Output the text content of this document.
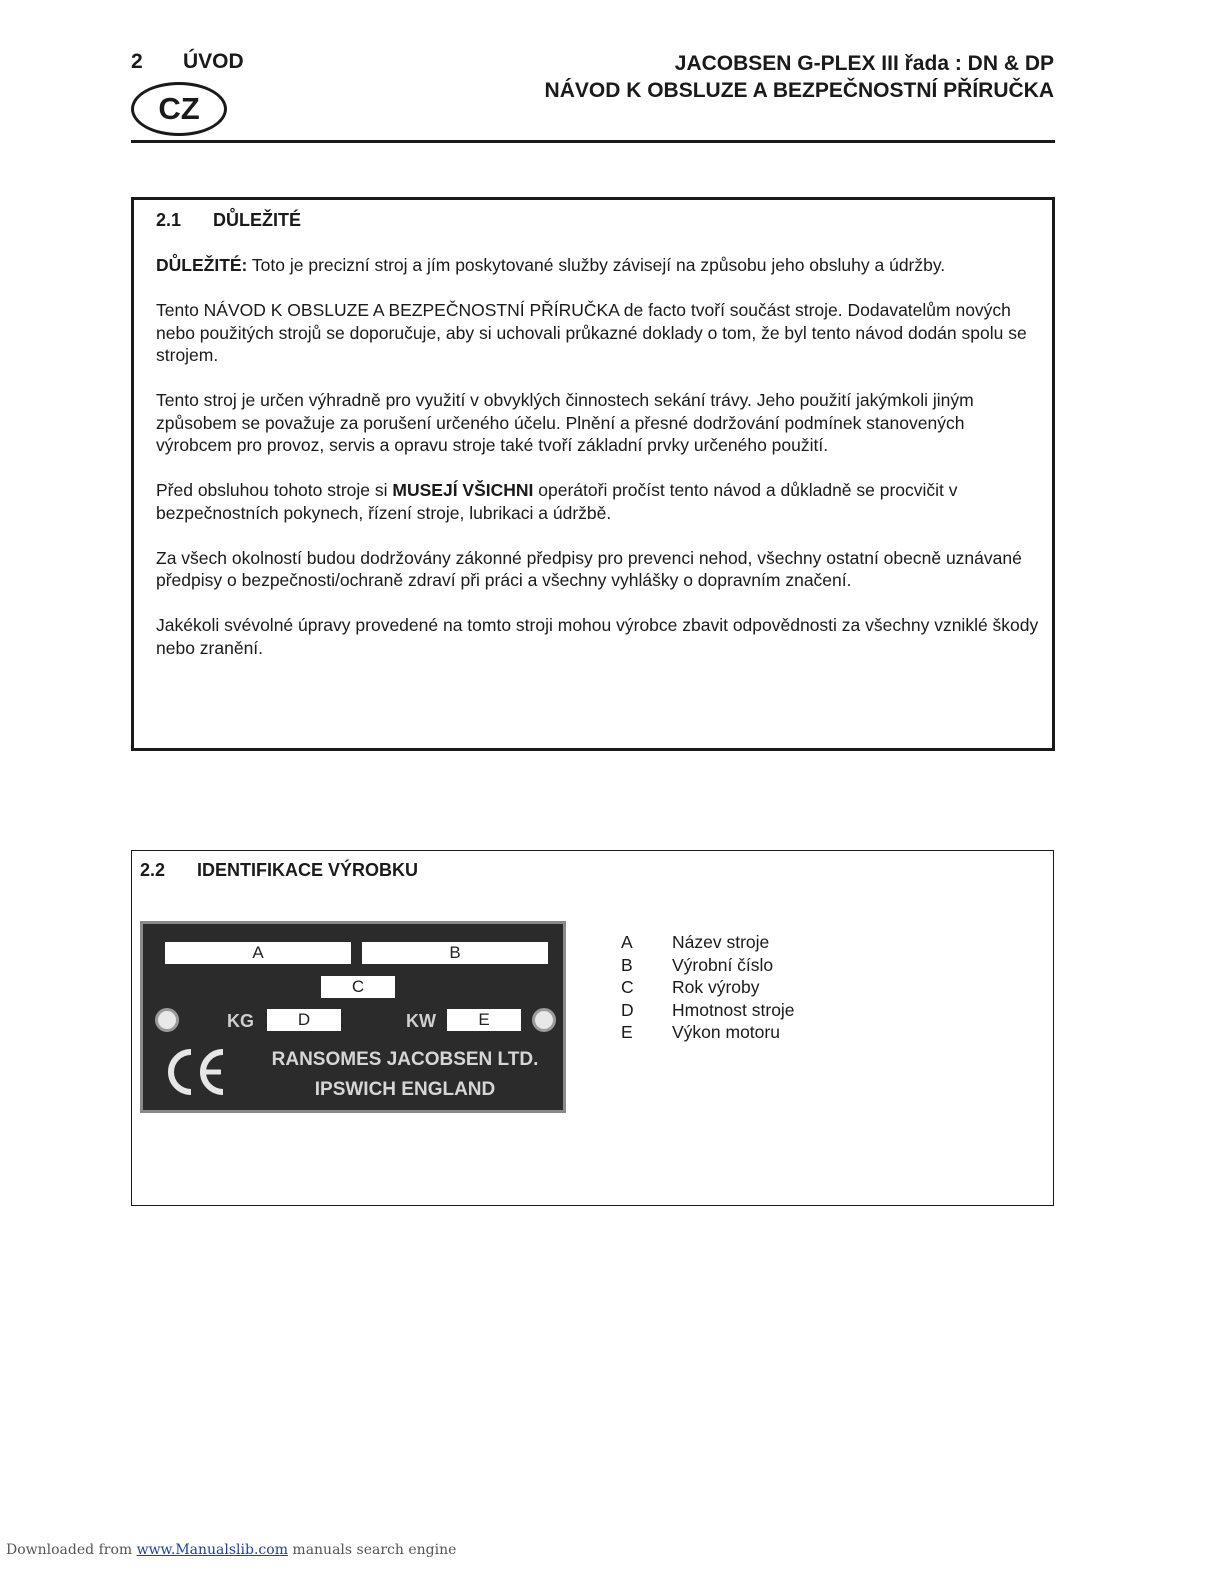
2 ÚVOD
CZ
JACOBSEN G-PLEX III řada : DN & DP
NÁVOD K OBSLUZE A BEZPEČNOSTNÍ PŘÍRUČKA
2.1 DŮLEŽITÉ

DŮLEŽITÉ: Toto je precizní stroj a jím poskytované služby závisejí na způsobu jeho obsluhy a údržby.

Tento NÁVOD K OBSLUZE A BEZPEČNOSTNÍ PŘÍRUČKA de facto tvoří součást stroje. Dodavatelům nových nebo použitých strojů se doporučuje, aby si uchovali průkazné doklady o tom, že byl tento návod dodán spolu se strojem.

Tento stroj je určen výhradně pro využití v obvyklých činnostech sekání trávy. Jeho použití jakýmkoli jiným způsobem se považuje za porušení určeného účelu. Plnění a přesné dodržování podmínek stanovených výrobcem pro provoz, servis a opravu stroje také tvoří základní prvky určeného použití.

Před obsluhou tohoto stroje si MUSEJÍ VŠICHNI operátoři pročíst tento návod a důkladně se procvičit v bezpečnostních pokynech, řízení stroje, lubrikaci a údržbě.

Za všech okolností budou dodržovány zákonné předpisy pro prevenci nehod, všechny ostatní obecně uznávané předpisy o bezpečnosti/ochraně zdraví při práci a všechny vyhlášky o dopravním značení.

Jakékoli svévolné úpravy provedené na tomto stroji mohou výrobce zbavit odpovědnosti za všechny vzniklé škody nebo zranění.

2.2 IDENTIFIKACE VÝROBKU
A	B
C
KG	D	KW	E
RANSOMES JACOBSEN LTD.
IPSWICH ENGLAND
A	Název stroje
B	Výrobní číslo
C	Rok výroby
D	Hmotnost stroje
E	Výkon motoru
Downloaded from www.Manualslib.com manuals search engine
